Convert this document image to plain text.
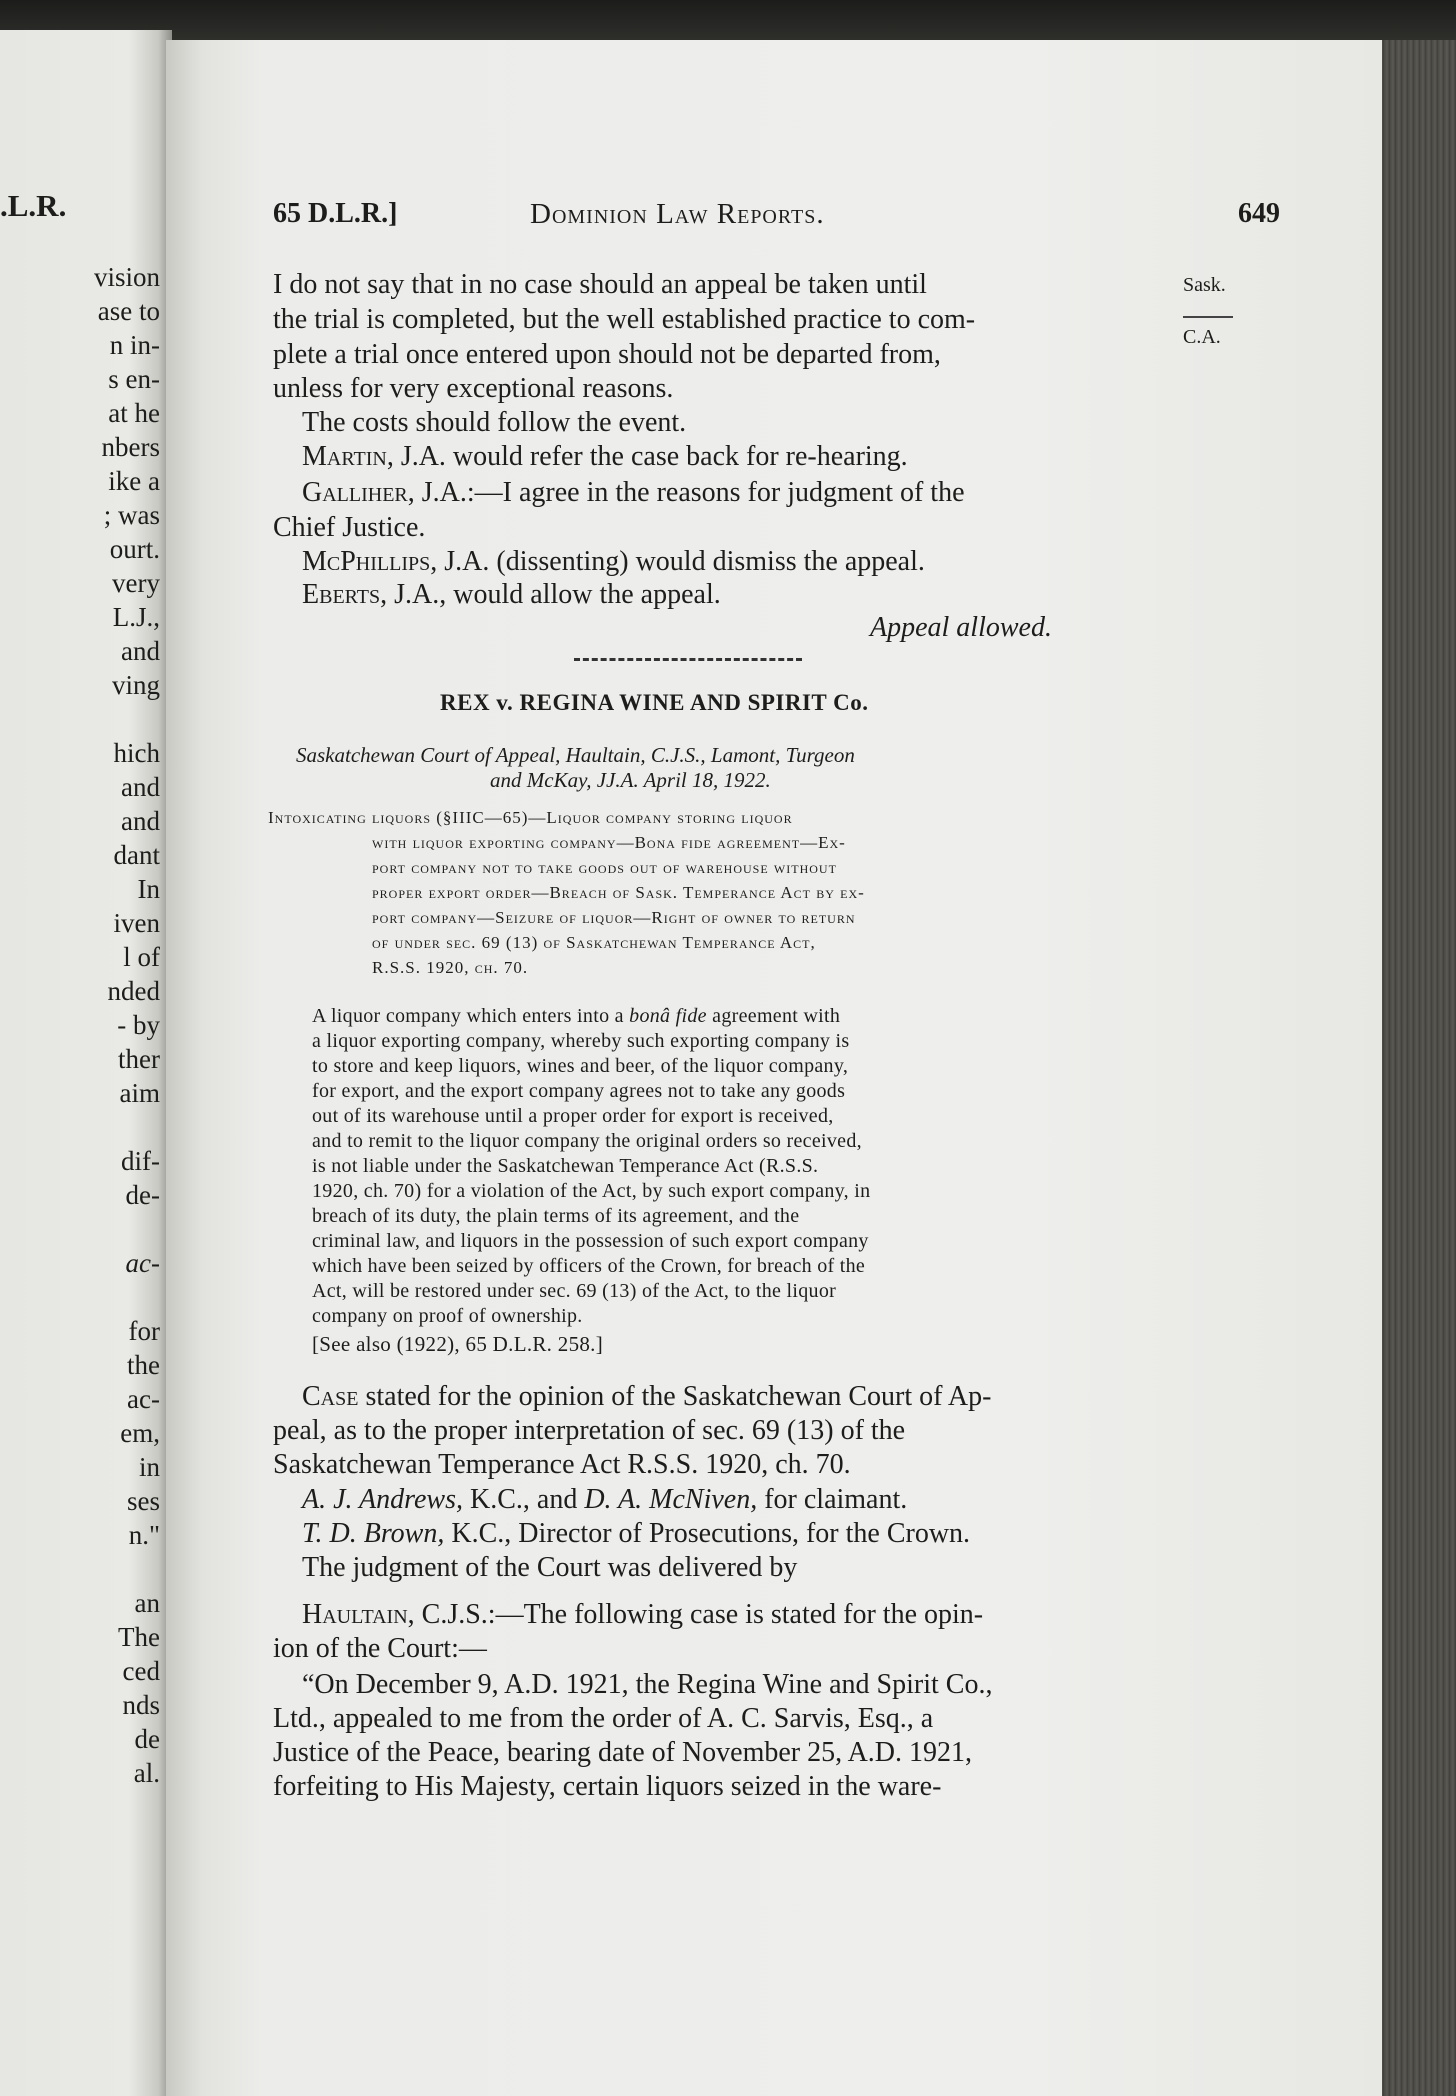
.L.R.
vision
ase to
n in-
s en-
at he
nbers
ike a
; was
ourt.
very
L.J.,
and
ving
hich
and
and
dant
In
iven
l of
nded
- by
ther
aim
dif-
de-
ac-
for
the
ac-
em,
in
ses
n."
an
The
ced
nds
de
al.
65 D.L.R.]	Dominion Law Reports.	649
Sask.
C.A.
I do not say that in no case should an appeal be taken until
the trial is completed, but the well established practice to com-
plete a trial once entered upon should not be departed from,
unless for very exceptional reasons.
The costs should follow the event.
Martin, J.A. would refer the case back for re-hearing.
Galliher, J.A.:—I agree in the reasons for judgment of the
Chief Justice.
McPhillips, J.A. (dissenting) would dismiss the appeal.
Eberts, J.A., would allow the appeal.
Appeal allowed.
REX v. REGINA WINE AND SPIRIT Co.
Saskatchewan Court of Appeal, Haultain, C.J.S., Lamont, Turgeon
and McKay, JJ.A. April 18, 1922.
Intoxicating liquors (§IIIC—65)—Liquor company storing liquor
with liquor exporting company—Bona fide agreement—Ex-
port company not to take goods out of warehouse without
proper export order—Breach of Sask. Temperance Act by ex-
port company—Seizure of liquor—Right of owner to return
of under sec. 69 (13) of Saskatchewan Temperance Act,
R.S.S. 1920, ch. 70.
A liquor company which enters into a bonâ fide agreement with
a liquor exporting company, whereby such exporting company is
to store and keep liquors, wines and beer, of the liquor company,
for export, and the export company agrees not to take any goods
out of its warehouse until a proper order for export is received,
and to remit to the liquor company the original orders so received,
is not liable under the Saskatchewan Temperance Act (R.S.S.
1920, ch. 70) for a violation of the Act, by such export company, in
breach of its duty, the plain terms of its agreement, and the
criminal law, and liquors in the possession of such export company
which have been seized by officers of the Crown, for breach of the
Act, will be restored under sec. 69 (13) of the Act, to the liquor
company on proof of ownership.
[See also (1922), 65 D.L.R. 258.]
Case stated for the opinion of the Saskatchewan Court of Ap-
peal, as to the proper interpretation of sec. 69 (13) of the
Saskatchewan Temperance Act R.S.S. 1920, ch. 70.
A. J. Andrews, K.C., and D. A. McNiven, for claimant.
T. D. Brown, K.C., Director of Prosecutions, for the Crown.
The judgment of the Court was delivered by
Haultain, C.J.S.:—The following case is stated for the opin-
ion of the Court:—
“On December 9, A.D. 1921, the Regina Wine and Spirit Co.,
Ltd., appealed to me from the order of A. C. Sarvis, Esq., a
Justice of the Peace, bearing date of November 25, A.D. 1921,
forfeiting to His Majesty, certain liquors seized in the ware-
